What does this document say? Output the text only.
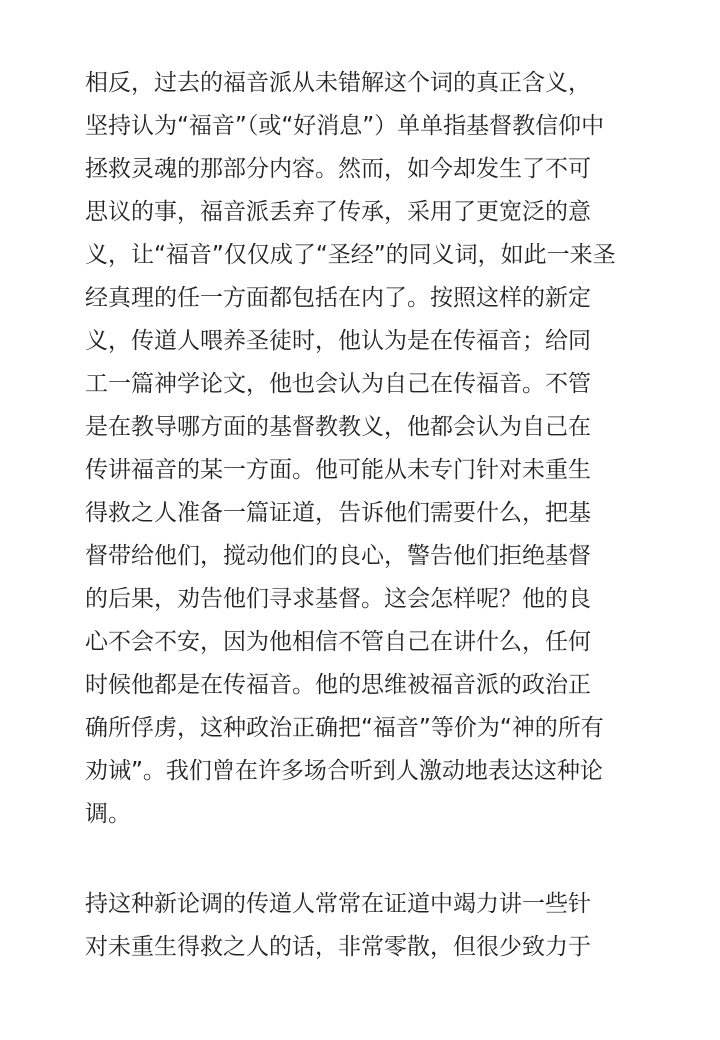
相反，过去的福音派从未错解这个词的真正含义，
坚持认为“福音”（或“好消息”）单单指基督教信仰中
拯救灵魂的那部分内容。然而，如今却发生了不可
思议的事，福音派丢弃了传承，采用了更宽泛的意
义，让“福音”仅仅成了“圣经”的同义词，如此一来圣
经真理的任一方面都包括在内了。按照这样的新定
义，传道人喂养圣徒时，他认为是在传福音；给同
工一篇神学论文，他也会认为自己在传福音。不管
是在教导哪方面的基督教教义，他都会认为自己在
传讲福音的某一方面。他可能从未专门针对未重生
得救之人准备一篇证道，告诉他们需要什么，把基
督带给他们，搅动他们的良心，警告他们拒绝基督
的后果，劝告他们寻求基督。这会怎样呢？他的良
心不会不安，因为他相信不管自己在讲什么，任何
时候他都是在传福音。他的思维被福音派的政治正
确所俘虏，这种政治正确把“福音”等价为“神的所有
劝诫”。我们曾在许多场合听到人激动地表达这种论
调。
持这种新论调的传道人常常在证道中竭力讲一些针
对未重生得救之人的话，非常零散，但很少致力于
